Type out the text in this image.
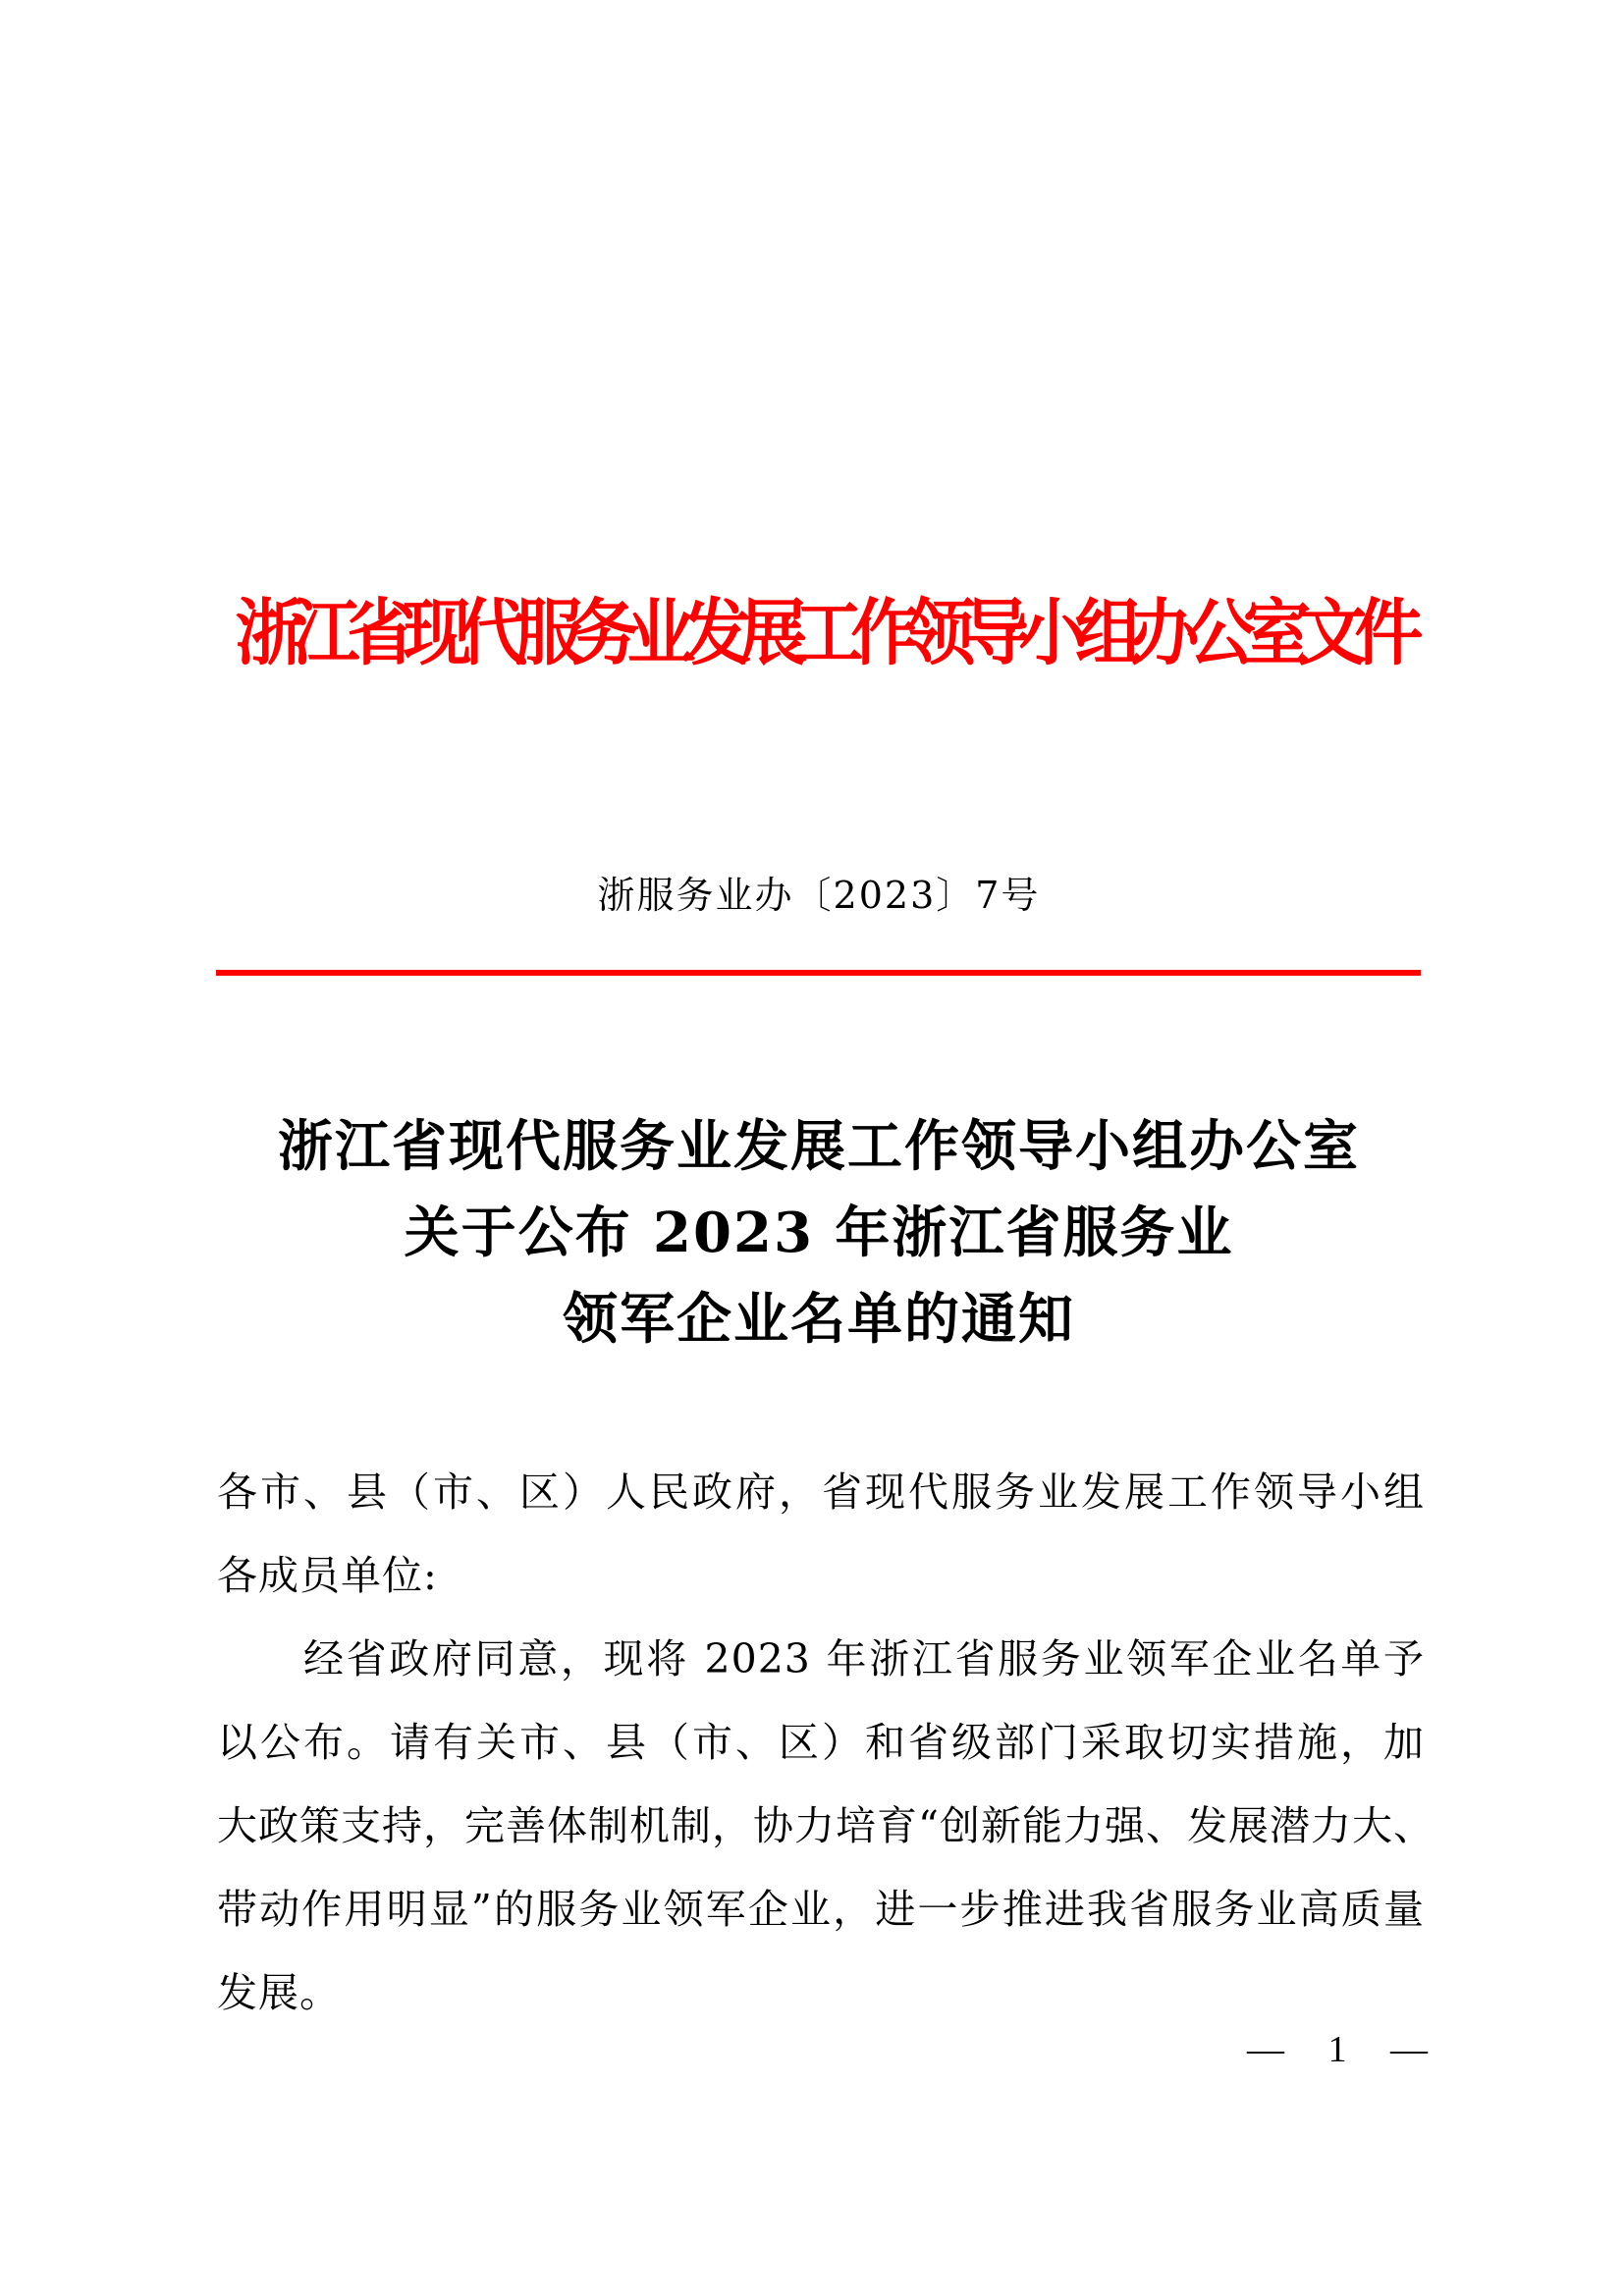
浙江省现代服务业发展工作领导小组办公室文件
浙服务业办〔2023〕7号
浙江省现代服务业发展工作领导小组办公室
关于公布 2023 年浙江省服务业
领军企业名单的通知
各市、县（市、区）人民政府，省现代服务业发展工作领导小组
各成员单位:
经省政府同意，现将 2023 年浙江省服务业领军企业名单予
以公布。请有关市、县（市、区）和省级部门采取切实措施，加
大政策支持，完善体制机制，协力培育“创新能力强、发展潜力大、
带动作用明显”的服务业领军企业，进一步推进我省服务业高质量
发展。
— 1 —
